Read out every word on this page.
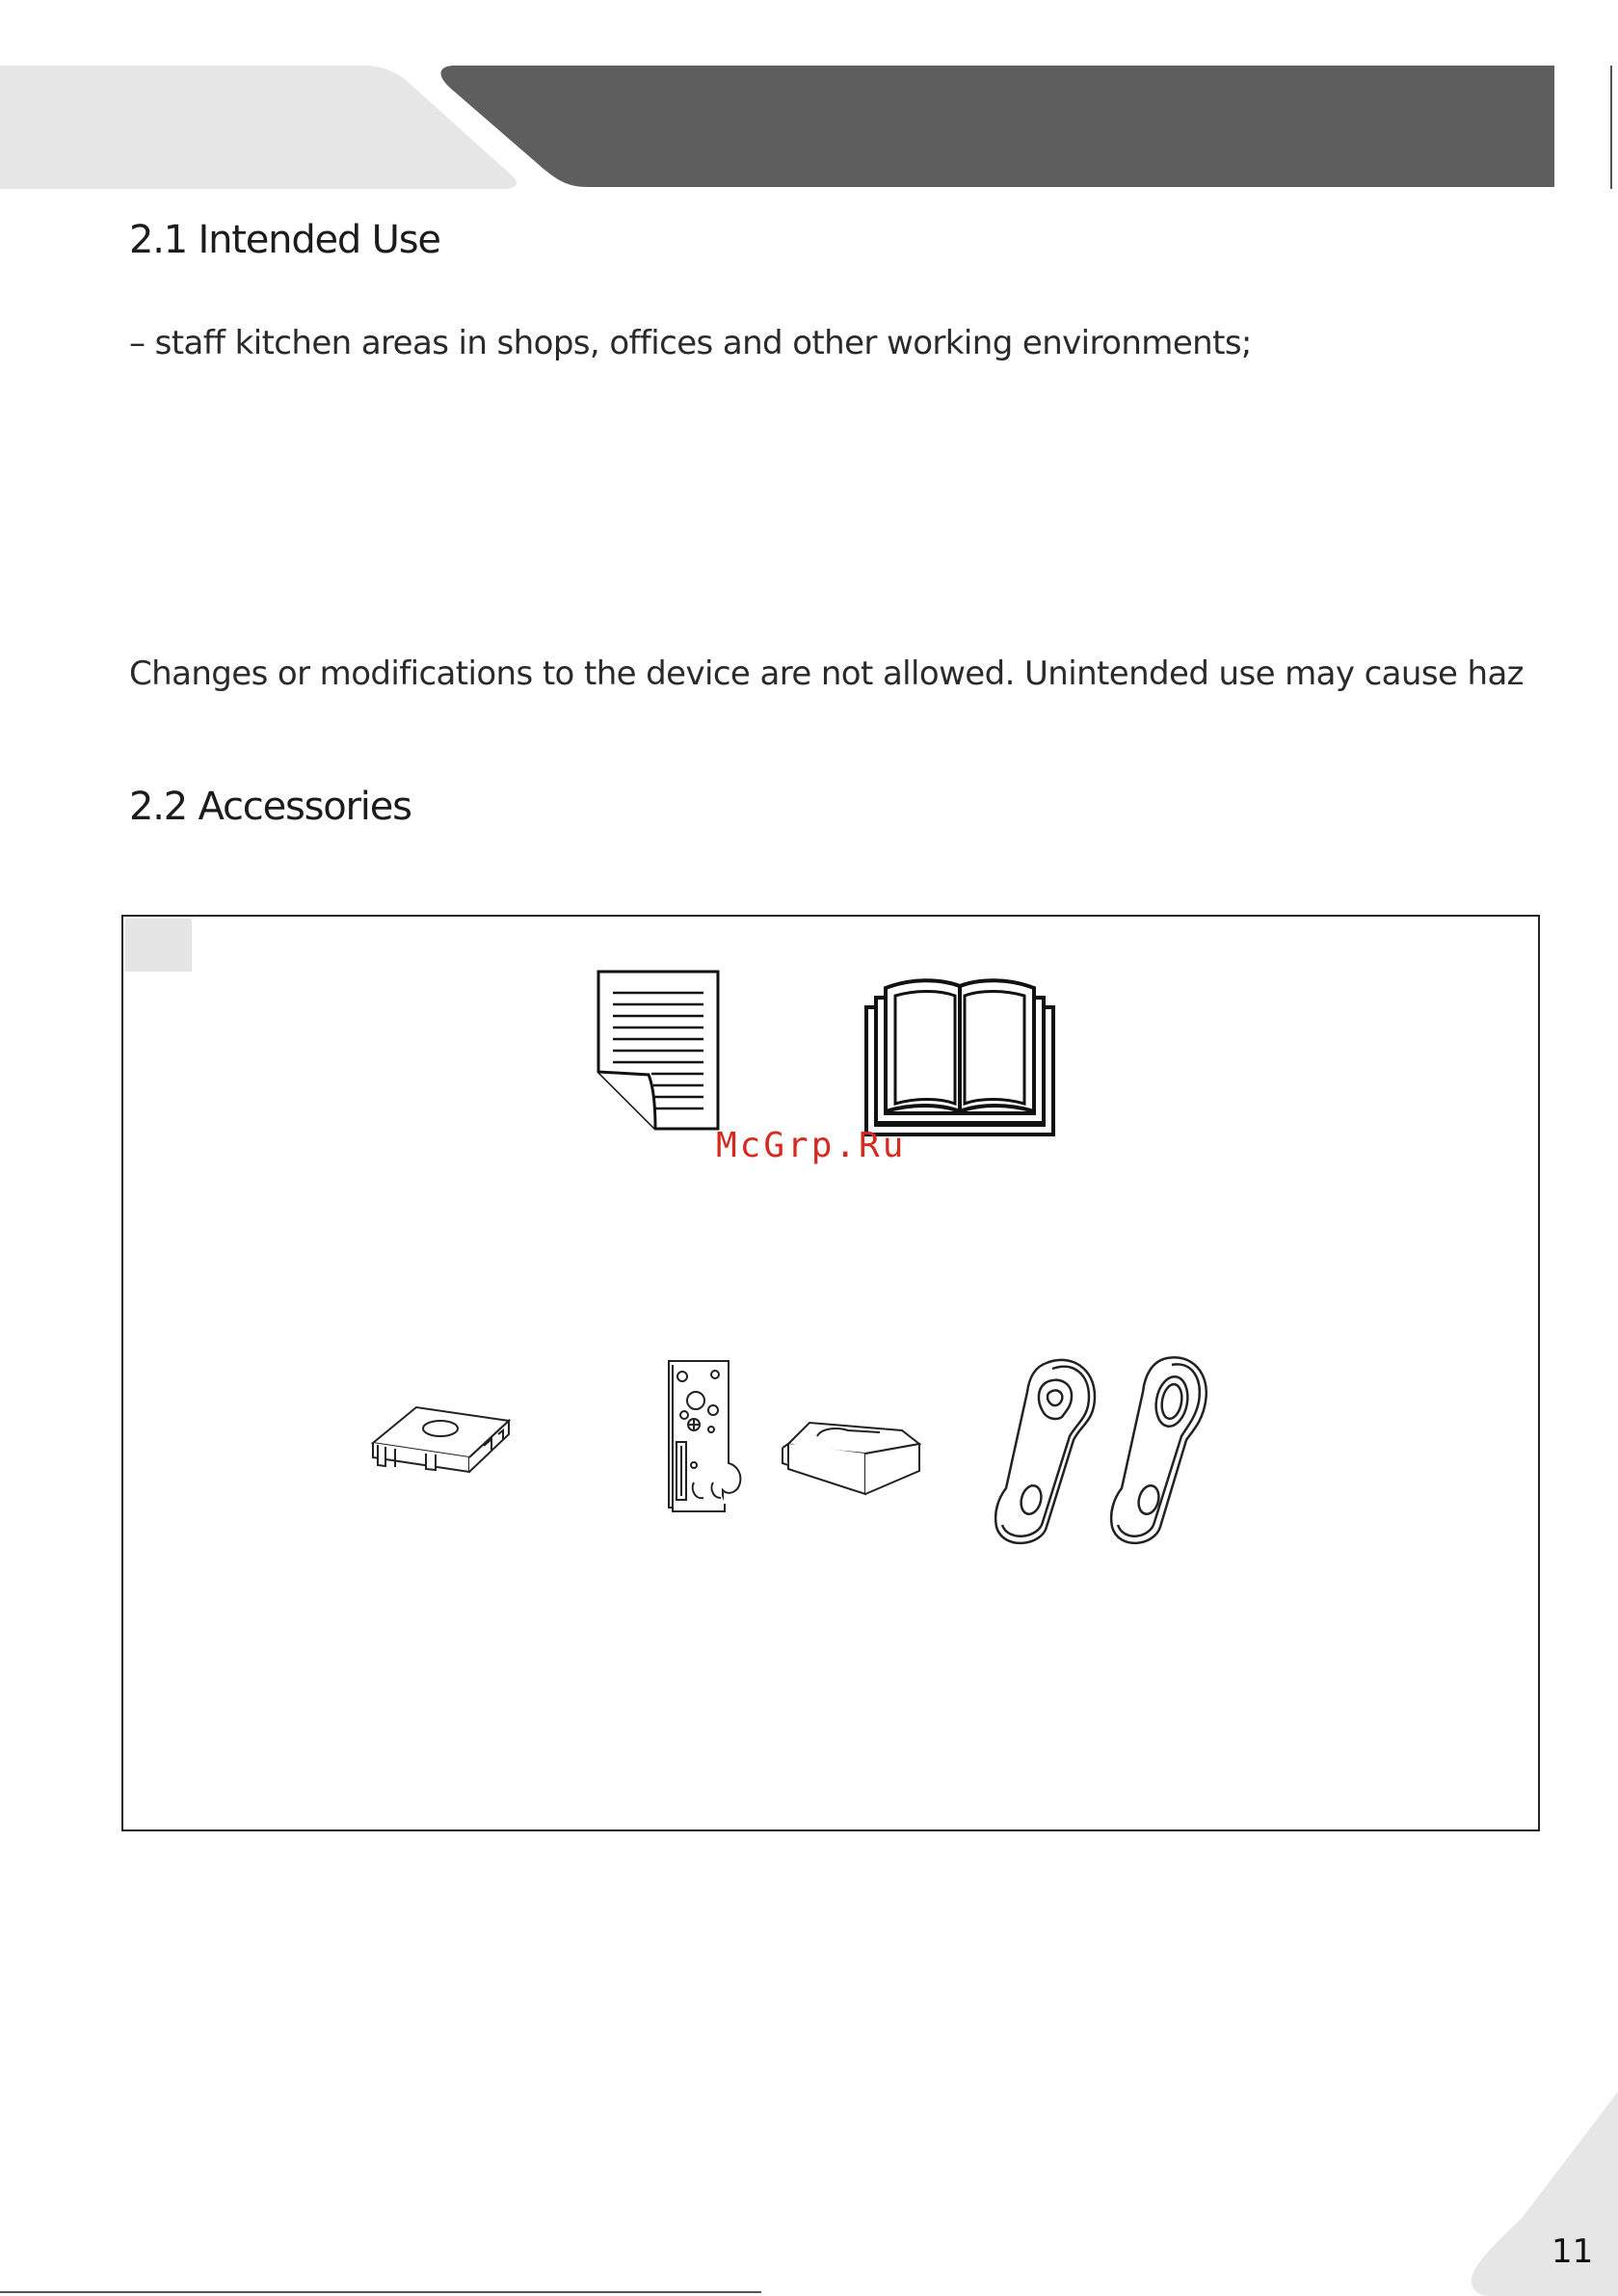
2.1 Intended Use
– staff kitchen areas in shops, offices and other working environments;
Changes or modifications to the device are not allowed. Unintended use may cause haz
2.2 Accessories
McGrp.Ru
11
